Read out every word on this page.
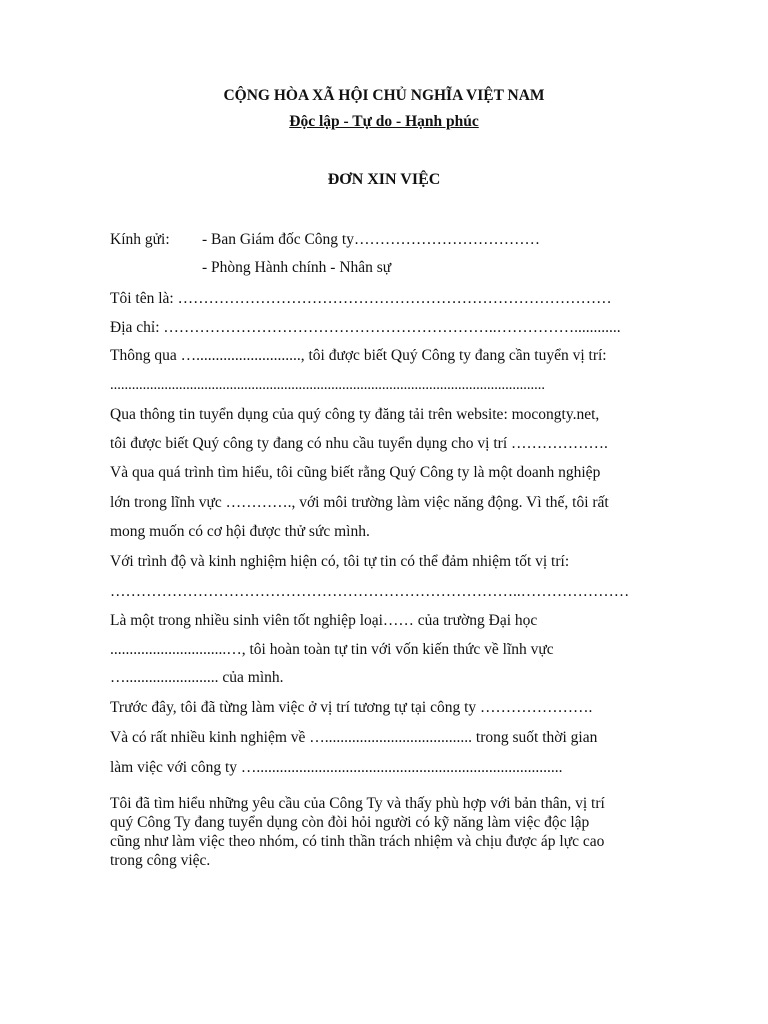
CỘNG HÒA XÃ HỘI CHỦ NGHĨA VIỆT NAM
Độc lập - Tự do - Hạnh phúc
ĐƠN XIN VIỆC
Kính gửi: - Ban Giám đốc Công ty………………………………
- Phòng Hành chính - Nhân sự
Tôi tên là: …………………………………………………………………………
Địa chỉ: ………………………………………………………..……………............
Thông qua …..........................., tôi được biết Quý Công ty đang cần tuyển vị trí:
........................................................................................................................
Qua thông tin tuyển dụng của quý công ty đăng tải trên website: mocongty.net,
tôi được biết Quý công ty đang có nhu cầu tuyển dụng cho vị trí ……………….
Và qua quá trình tìm hiểu, tôi cũng biết rằng Quý Công ty là một doanh nghiệp
lớn trong lĩnh vực …………., với môi trường làm việc năng động. Vì thế, tôi rất
mong muốn có cơ hội được thử sức mình.
Với trình độ và kinh nghiệm hiện có, tôi tự tin có thể đảm nhiệm tốt vị trí:
……………………………………………………………………..…………………
Là một trong nhiều sinh viên tốt nghiệp loại…… của trường Đại học
..............................…, tôi hoàn toàn tự tin với vốn kiến thức về lĩnh vực
…........................ của mình.
Trước đây, tôi đã từng làm việc ở vị trí tương tự tại công ty ………………….
Và có rất nhiều kinh nghiệm về …...................................... trong suốt thời gian
làm việc với công ty …...............................................................................
Tôi đã tìm hiểu những yêu cầu của Công Ty và thấy phù hợp với bản thân, vị trí
quý Công Ty đang tuyển dụng còn đòi hỏi người có kỹ năng làm việc độc lập
cũng như làm việc theo nhóm, có tinh thần trách nhiệm và chịu được áp lực cao
trong công việc.
